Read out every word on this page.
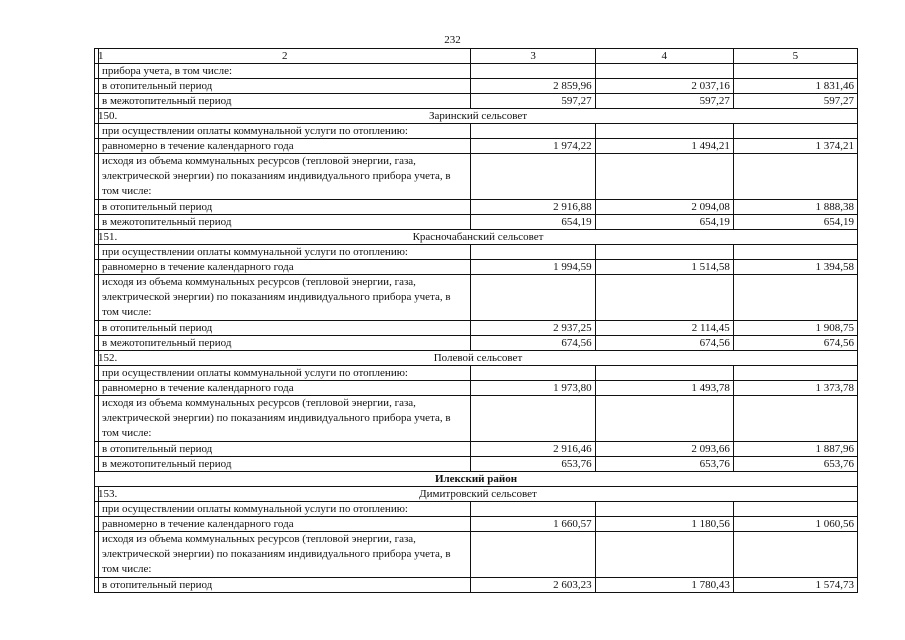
232
1	2	3	4	5
	прибора учета, в том числе:			
	в отопительный период	2 859,96	2 037,16	1 831,46
	в межотопительный период	597,27	597,27	597,27
150.	Заринский сельсовет			
	при осуществлении оплаты коммунальной услуги по отоплению:			
	равномерно в течение календарного года	1 974,22	1 494,21	1 374,21
	исходя из объема коммунальных ресурсов (тепловой энергии, газа, электрической энергии) по показаниям индивидуального прибора учета, в том числе:			
	в отопительный период	2 916,88	2 094,08	1 888,38
	в межотопительный период	654,19	654,19	654,19
151.	Красночабанский сельсовет			
	при осуществлении оплаты коммунальной услуги по отоплению:			
	равномерно в течение календарного года	1 994,59	1 514,58	1 394,58
	исходя из объема коммунальных ресурсов (тепловой энергии, газа, электрической энергии) по показаниям индивидуального прибора учета, в том числе:			
	в отопительный период	2 937,25	2 114,45	1 908,75
	в межотопительный период	674,56	674,56	674,56
152.	Полевой сельсовет			
	при осуществлении оплаты коммунальной услуги по отоплению:			
	равномерно в течение календарного года	1 973,80	1 493,78	1 373,78
	исходя из объема коммунальных ресурсов (тепловой энергии, газа, электрической энергии) по показаниям индивидуального прибора учета, в том числе:			
	в отопительный период	2 916,46	2 093,66	1 887,96
	в межотопительный период	653,76	653,76	653,76
Илекский район				
153.	Димитровский сельсовет			
	при осуществлении оплаты коммунальной услуги по отоплению:			
	равномерно в течение календарного года	1 660,57	1 180,56	1 060,56
	исходя из объема коммунальных ресурсов (тепловой энергии, газа, электрической энергии) по показаниям индивидуального прибора учета, в том числе:			
	в отопительный период	2 603,23	1 780,43	1 574,73
